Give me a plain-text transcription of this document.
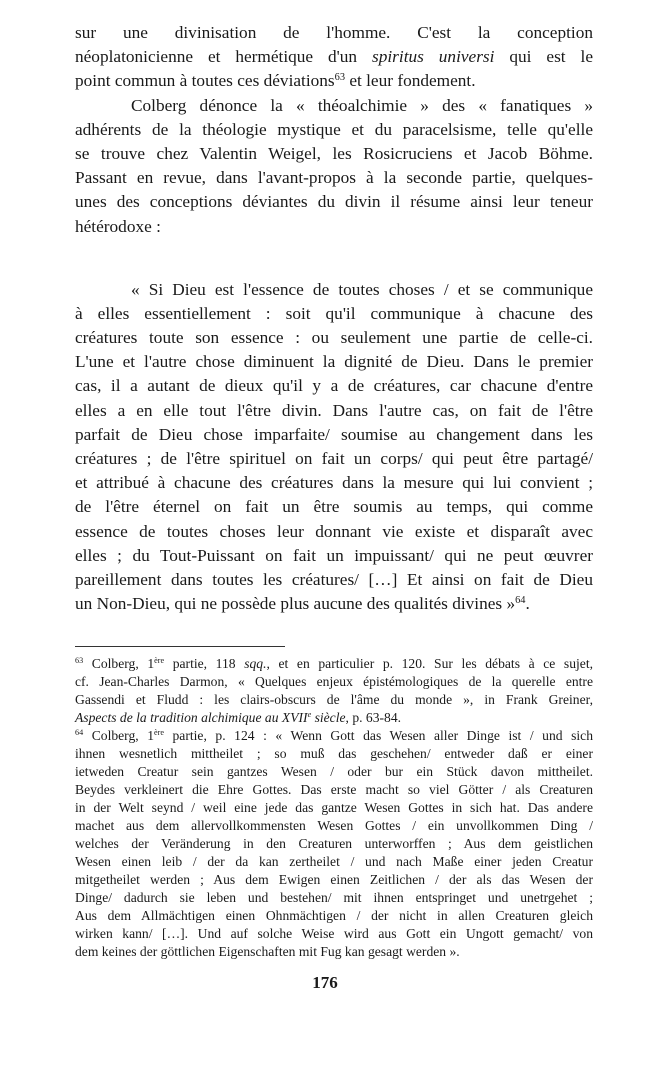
sur une divinisation de l'homme. C'est la conception
néoplatonicienne et hermétique d'un spiritus universi qui est le
point commun à toutes ces déviations$^{63}$ et leur fondement.
Colberg dénonce la « théoalchimie » des « fanatiques »
adhérents de la théologie mystique et du paracelsisme, telle qu'elle
se trouve chez Valentin Weigel, les Rosicruciens et Jacob Böhme.
Passant en revue, dans l'avant-propos à la seconde partie, quelques-
unes des conceptions déviantes du divin il résume ainsi leur teneur
hétérodoxe :
« Si Dieu est l'essence de toutes choses / et se communique
à elles essentiellement : soit qu'il communique à chacune des
créatures toute son essence : ou seulement une partie de celle-ci.
L'une et l'autre chose diminuent la dignité de Dieu. Dans le premier
cas, il a autant de dieux qu'il y a de créatures, car chacune d'entre
elles a en elle tout l'être divin. Dans l'autre cas, on fait de l'être
parfait de Dieu chose imparfaite/ soumise au changement dans les
créatures ; de l'être spirituel on fait un corps/ qui peut être partagé/
et attribué à chacune des créatures dans la mesure qui lui convient ;
de l'être éternel on fait un être soumis au temps, qui comme
essence de toutes choses leur donnant vie existe et disparaît avec
elles ; du Tout-Puissant on fait un impuissant/ qui ne peut œuvrer
pareillement dans toutes les créatures/ […] Et ainsi on fait de Dieu
un Non-Dieu, qui ne possède plus aucune des qualités divines »$^{64}$.
$^{63}$ Colberg, 1ère partie, 118 sqq., et en particulier p. 120. Sur les débats à ce sujet,
cf. Jean-Charles Darmon, « Quelques enjeux épistémologiques de la querelle entre
Gassendi et Fludd : les clairs-obscurs de l'âme du monde », in Frank Greiner,
Aspects de la tradition alchimique au XVIIe siècle, p. 63-84.
$^{64}$ Colberg, 1ère partie, p. 124 : « Wenn Gott das Wesen aller Dinge ist / und sich
ihnen wesnetlich mittheilet ; so muß das geschehen/ entweder daß er einer
ietweden Creatur sein gantzes Wesen / oder bur ein Stück davon mittheilet.
Beydes verkleinert die Ehre Gottes. Das erste macht so viel Götter / als Creaturen
in der Welt seynd / weil eine jede das gantze Wesen Gottes in sich hat. Das andere
machet aus dem allervollkommensten Wesen Gottes / ein unvollkommen Ding /
welches der Veränderung in den Creaturen unterworffen ; Aus dem geistlichen
Wesen einen leib / der da kan zertheilet / und nach Maße einer jeden Creatur
mitgetheilet werden ; Aus dem Ewigen einen Zeitlichen / der als das Wesen der
Dinge/ dadurch sie leben und bestehen/ mit ihnen entspringet und unetrgehet ;
Aus dem Allmächtigen einen Ohnmächtigen / der nicht in allen Creaturen gleich
wirken kann/ […]. Und auf solche Weise wird aus Gott ein Ungott gemacht/ von
dem keines der göttlichen Eigenschaften mit Fug kan gesagt werden ».
176
